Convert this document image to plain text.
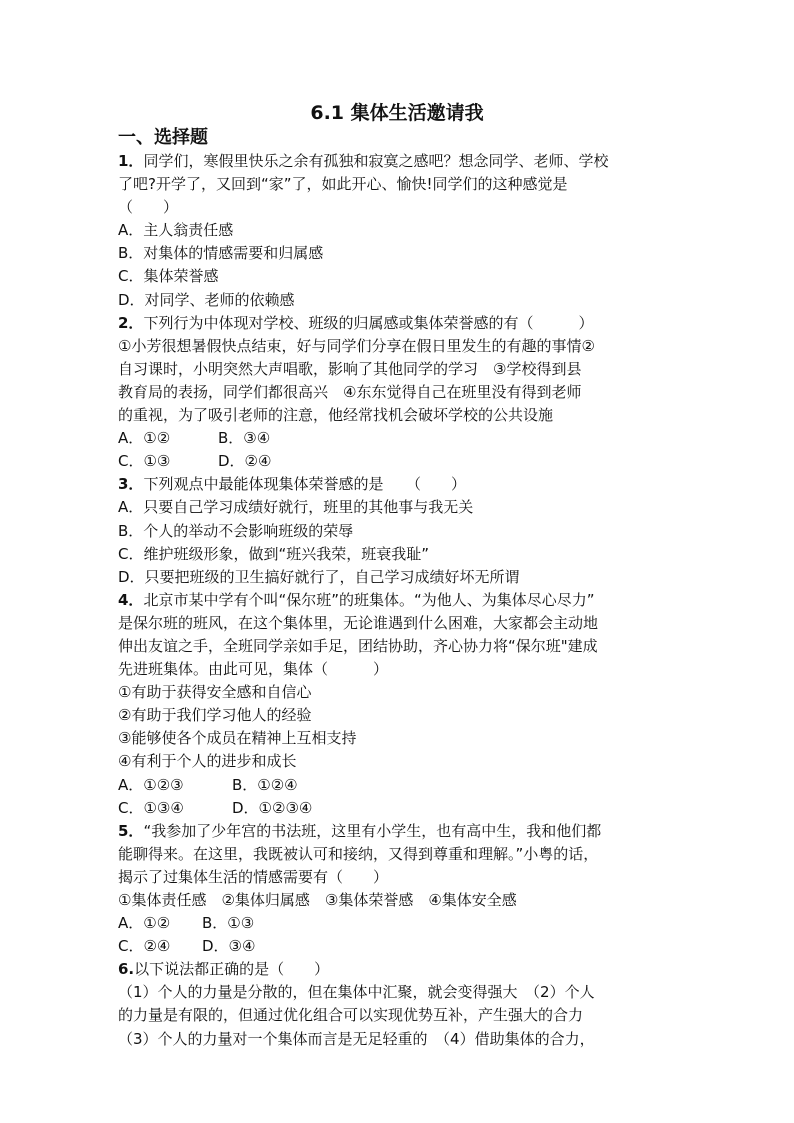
6.1 集体生活邀请我
一、选择题
1．同学们，寒假里快乐之余有孤独和寂寞之感吧？想念同学、老师、学校
了吧?开学了，又回到“家”了，如此开心、愉快!同学们的这种感觉是
（　　）
A．主人翁责任感
B．对集体的情感需要和归属感
C．集体荣誉感
D．对同学、老师的依赖感
2．下列行为中体现对学校、班级的归属感或集体荣誉感的有（　　　）
①小芳很想暑假快点结束，好与同学们分享在假日里发生的有趣的事情②
自习课时，小明突然大声唱歌，影响了其他同学的学习　③学校得到县
教育局的表扬，同学们都很高兴　④东东觉得自己在班里没有得到老师
的重视，为了吸引老师的注意，他经常找机会破坏学校的公共设施
A．①②	B．③④
C．①③	D．②④
3．下列观点中最能体现集体荣誉感的是　　（　　）
A．只要自己学习成绩好就行，班里的其他事与我无关
B．个人的举动不会影响班级的荣辱
C．维护班级形象，做到“班兴我荣，班衰我耻”
D．只要把班级的卫生搞好就行了，自己学习成绩好坏无所谓
4．北京市某中学有个叫“保尔班”的班集体。“为他人、为集体尽心尽力”
是保尔班的班风，在这个集体里，无论谁遇到什么困难，大家都会主动地
伸出友谊之手，全班同学亲如手足，团结协助，齐心协力将“保尔班"建成
先进班集体。由此可见，集体（　　　）
①有助于获得安全感和自信心
②有助于我们学习他人的经验
③能够使各个成员在精神上互相支持
④有利于个人的进步和成长
A．①②③	B．①②④
C．①③④	D．①②③④
5．“我参加了少年宫的书法班，这里有小学生，也有高中生，我和他们都
能聊得来。在这里，我既被认可和接纳，又得到尊重和理解。”小粤的话，
揭示了过集体生活的情感需要有（　　）
①集体责任感　②集体归属感　③集体荣誉感　④集体安全感
A．①② B．①③
C．②④ D．③④
6.以下说法都正确的是（　　）
（1）个人的力量是分散的，但在集体中汇聚，就会变得强大　（2）个人
的力量是有限的，但通过优化组合可以实现优势互补，产生强大的合力
（3）个人的力量对一个集体而言是无足轻重的　（4）借助集体的合力，
